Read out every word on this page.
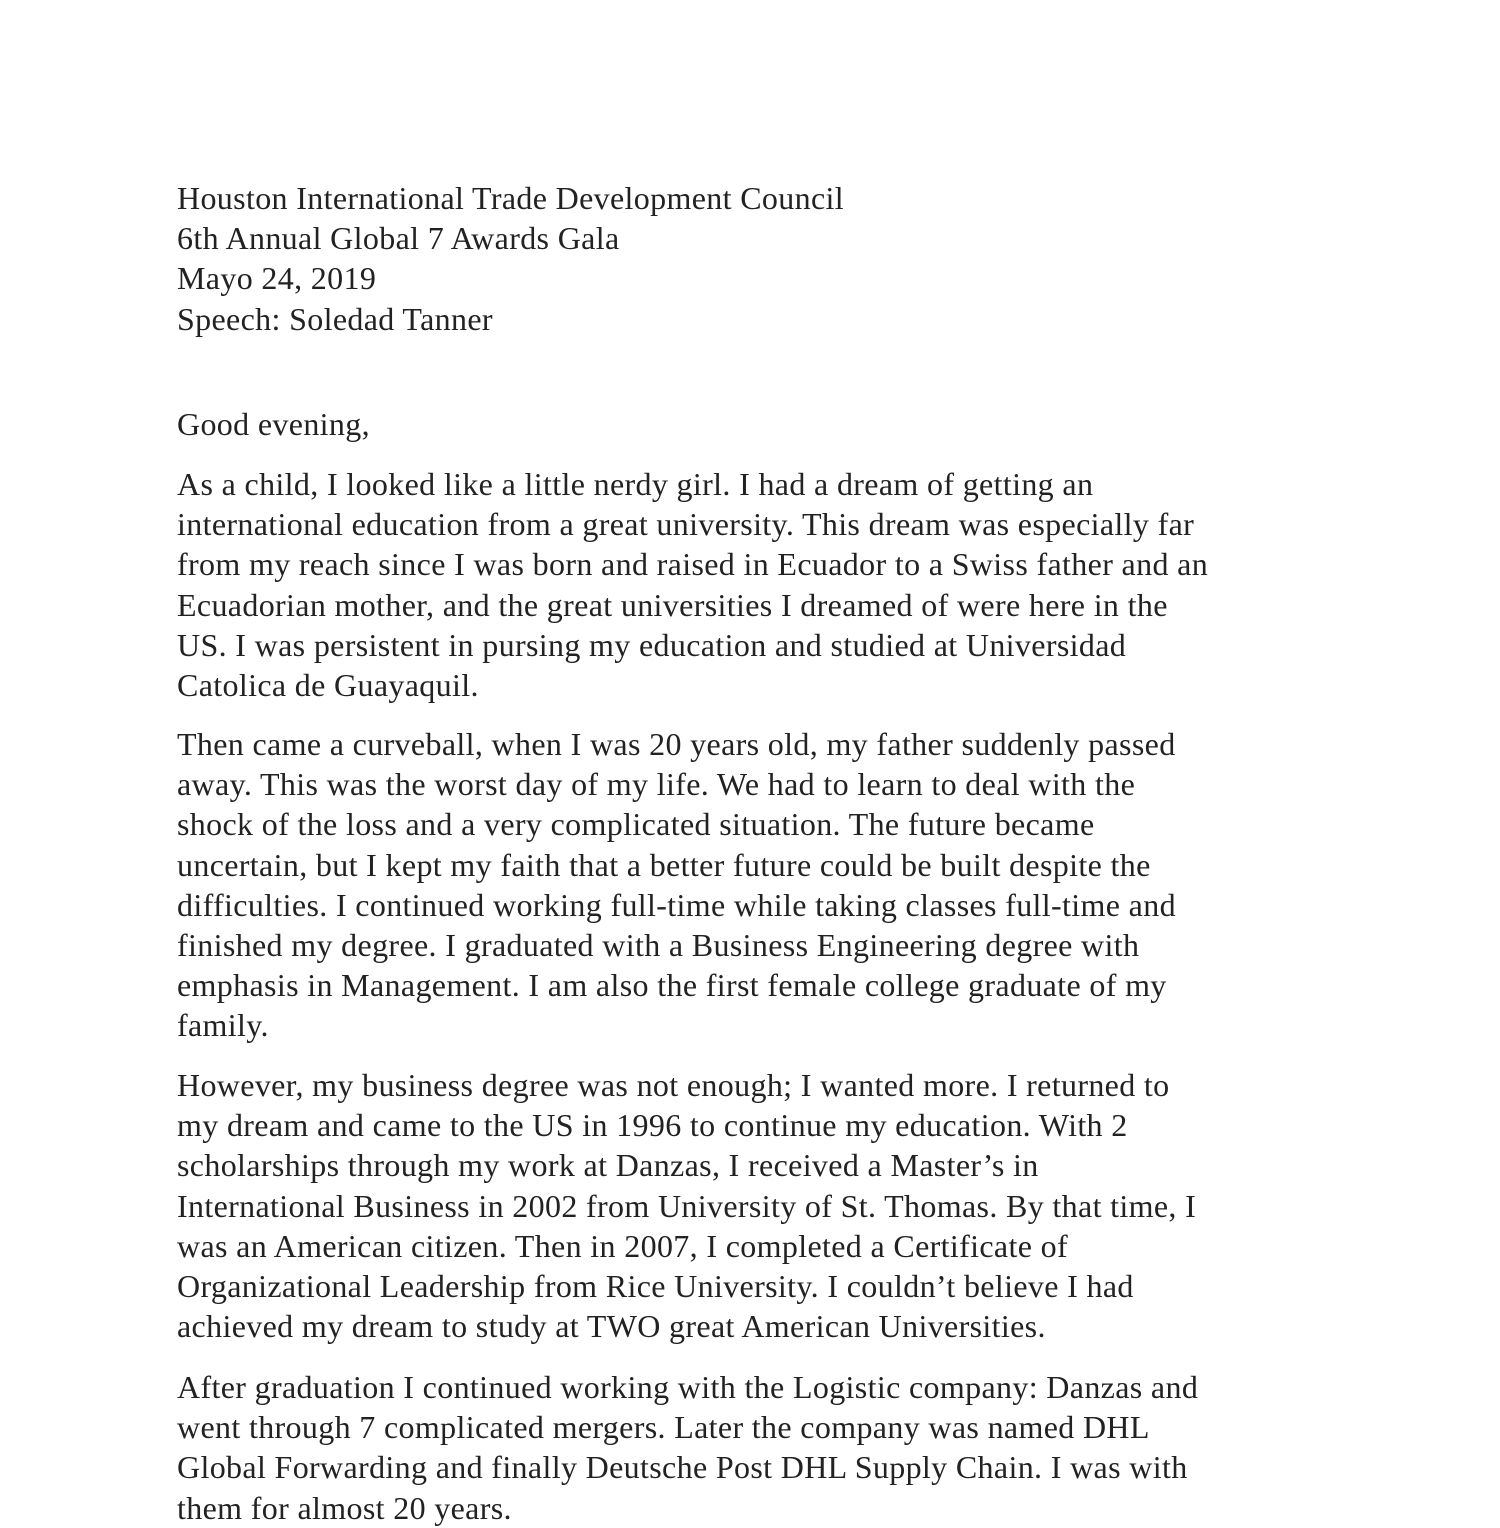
Houston International Trade Development Council
6th Annual Global 7 Awards Gala
Mayo 24, 2019
Speech: Soledad Tanner
Good evening,
As a child, I looked like a little nerdy girl. I had a dream of getting an
international education from a great university. This dream was especially far
from my reach since I was born and raised in Ecuador to a Swiss father and an
Ecuadorian mother, and the great universities I dreamed of were here in the
US. I was persistent in pursing my education and studied at Universidad
Catolica de Guayaquil.
Then came a curveball, when I was 20 years old, my father suddenly passed
away. This was the worst day of my life. We had to learn to deal with the
shock of the loss and a very complicated situation. The future became
uncertain, but I kept my faith that a better future could be built despite the
difficulties. I continued working full-time while taking classes full-time and
finished my degree. I graduated with a Business Engineering degree with
emphasis in Management. I am also the first female college graduate of my
family.
However, my business degree was not enough; I wanted more. I returned to
my dream and came to the US in 1996 to continue my education. With 2
scholarships through my work at Danzas, I received a Master’s in
International Business in 2002 from University of St. Thomas. By that time, I
was an American citizen. Then in 2007, I completed a Certificate of
Organizational Leadership from Rice University. I couldn’t believe I had
achieved my dream to study at TWO great American Universities.
After graduation I continued working with the Logistic company: Danzas and
went through 7 complicated mergers. Later the company was named DHL
Global Forwarding and finally Deutsche Post DHL Supply Chain. I was with
them for almost 20 years.
